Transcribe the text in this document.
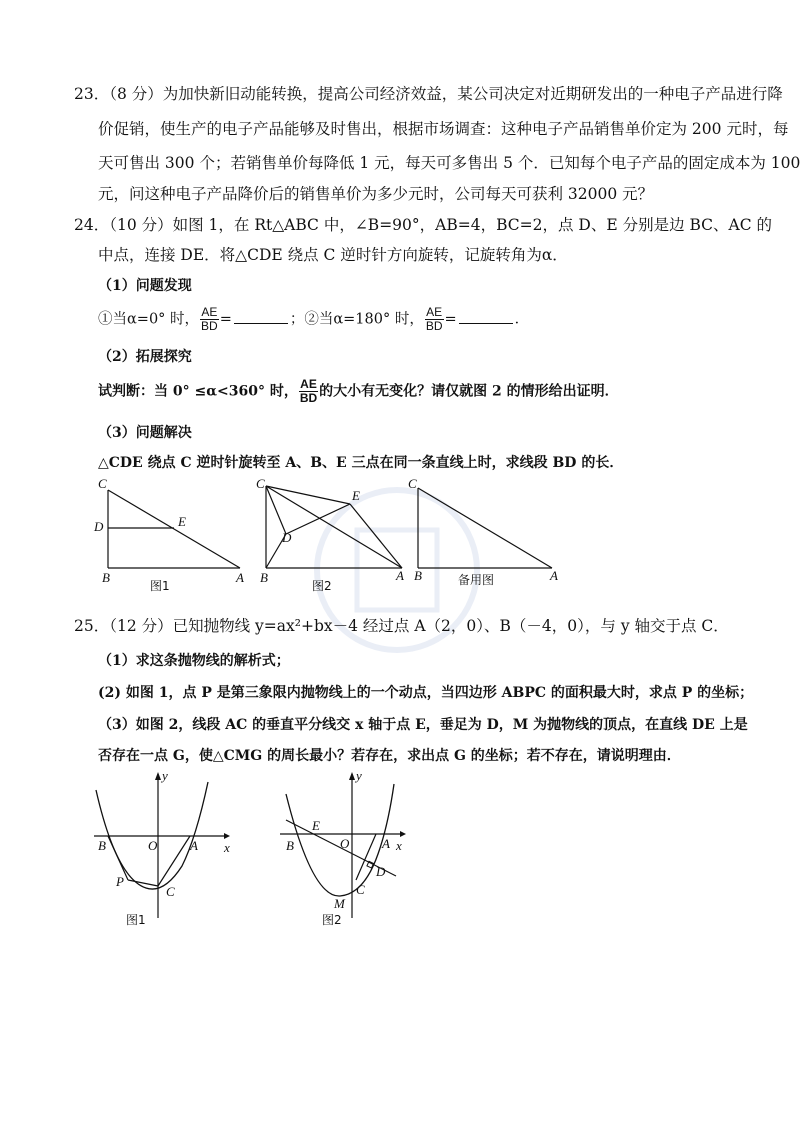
23．（8 分）为加快新旧动能转换，提高公司经济效益，某公司决定对近期研发出的一种电子产品进行降
价促销，使生产的电子产品能够及时售出，根据市场调查：这种电子产品销售单价定为 200 元时，每
天可售出 300 个；若销售单价每降低 1 元，每天可多售出 5 个．已知每个电子产品的固定成本为 100
元，问这种电子产品降价后的销售单价为多少元时，公司每天可获利 32000 元？
24．（10 分）如图 1，在 Rt△ABC 中，∠B=90°，AB=4，BC=2，点 D、E 分别是边 BC、AC 的
中点，连接 DE．将△CDE 绕点 C 逆时针方向旋转，记旋转角为α．
（1）问题发现
①当α=0° 时， $\frac{AE}{BD}$ =	；②当α=180° 时， $\frac{AE}{BD}$ =	．
（2）拓展探究
试判断：当 0° ≤α<360° 时， $\frac{AE}{BD}$ 的大小有无变化？请仅就图 2 的情形给出证明．
（3）问题解决
△CDE 绕点 C 逆时针旋转至 A、B、E 三点在同一条直线上时，求线段 BD 的长．
C
D	E
B	A
图1
C
D
E
B	A
图2
C
B	A
备用图
25．（12 分）已知抛物线 y=ax²+bx－4 经过点 A（2，0）、B（－4，0），与 y 轴交于点 C．
（1）求这条抛物线的解析式；
(2) 如图 1，点 P 是第三象限内抛物线上的一个动点，当四边形 ABPC 的面积最大时，求点 P 的坐标；
（3）如图 2，线段 AC 的垂直平分线交 x 轴于点 E，垂足为 D，M 为抛物线的顶点，在直线 DE 上是
否存在一点 G，使△CMG 的周长最小？若存在，求出点 G 的坐标；若不存在，请说明理由．
y
x
O
B	A
P
C
图1
y
x
O
B
E
A
D
C
M
图2
